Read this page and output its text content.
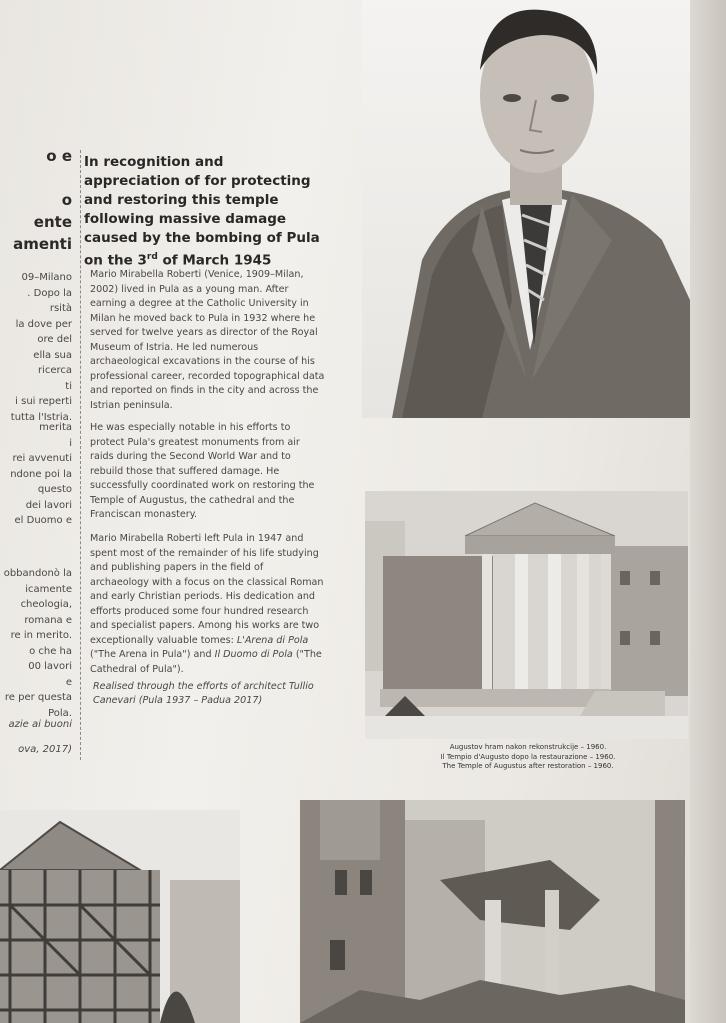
o e

o
ente
amenti
09–Milano
. Dopo la
rsità
la dove per
ore del
ella sua
ricerca
ti
i sui reperti
tutta l'Istria.
merita
i
rei avvenuti
ndone poi la
questo
dei lavori
el Duomo e
obbandonò la
icamente
cheologia,
romana e
re in merito.
o che ha
00 lavori
e
re per questa
Pola.
azie ai buoni
ova, 2017)
In recognition and appreciation of for protecting and restoring this temple following massive damage caused by the bombing of Pula on the 3rd of March 1945
Mario Mirabella Roberti (Venice, 1909–Milan, 2002) lived in Pula as a young man. After earning a degree at the Catholic University in Milan he moved back to Pula in 1932 where he served for twelve years as director of the Royal Museum of Istria. He led numerous archaeological excavations in the course of his professional career, recorded topographical data and reported on finds in the city and across the Istrian peninsula.
He was especially notable in his efforts to protect Pula's greatest monuments from air raids during the Second World War and to rebuild those that suffered damage. He successfully coordinated work on restoring the Temple of Augustus, the cathedral and the Franciscan monastery.
Mario Mirabella Roberti left Pula in 1947 and spent most of the remainder of his life studying and publishing papers in the field of archaeology with a focus on the classical Roman and early Christian periods. His dedication and efforts produced some four hundred research and specialist papers. Among his works are two exceptionally valuable tomes: L'Arena di Pola ("The Arena in Pula") and Il Duomo di Pola ("The Cathedral of Pula").
Realised through the efforts of architect Tullio Canevari (Pula 1937 – Padua 2017)
Augustov hram nakon rekonstrukcije – 1960.
Il Tempio d'Augusto dopo la restaurazione – 1960.
The Temple of Augustus after restoration – 1960.
